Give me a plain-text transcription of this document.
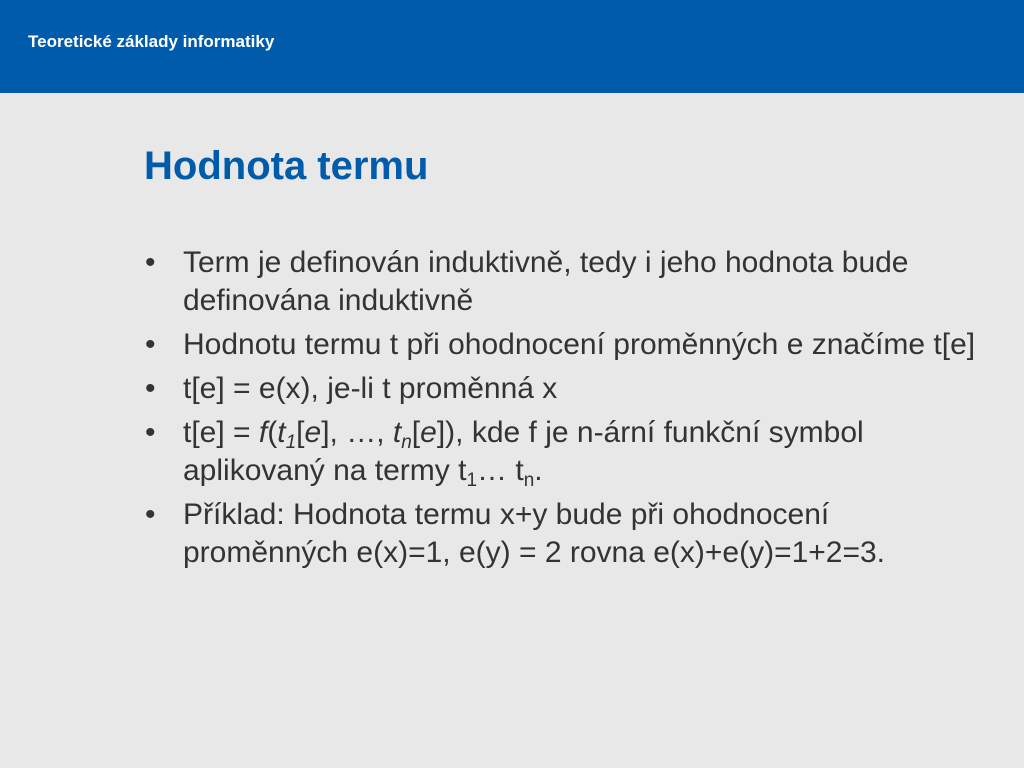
Teoretické základy informatiky
Hodnota termu
• Term je definován induktivně, tedy i jeho hodnota bude definována induktivně
• Hodnotu termu t při ohodnocení proměnných e značíme t[e]
• t[e] = e(x), je-li t proměnná x
• $t[e] = f(t_1[e]$, …, $t_n[e]$), kde f je n-ární funkční symbol aplikovaný na termy $t_1\dots$ $t_n$.
• Příklad: Hodnota termu x+y bude při ohodnocení proměnných e(x)=1, e(y) = 2 rovna e(x)+e(y)=1+2=3.
